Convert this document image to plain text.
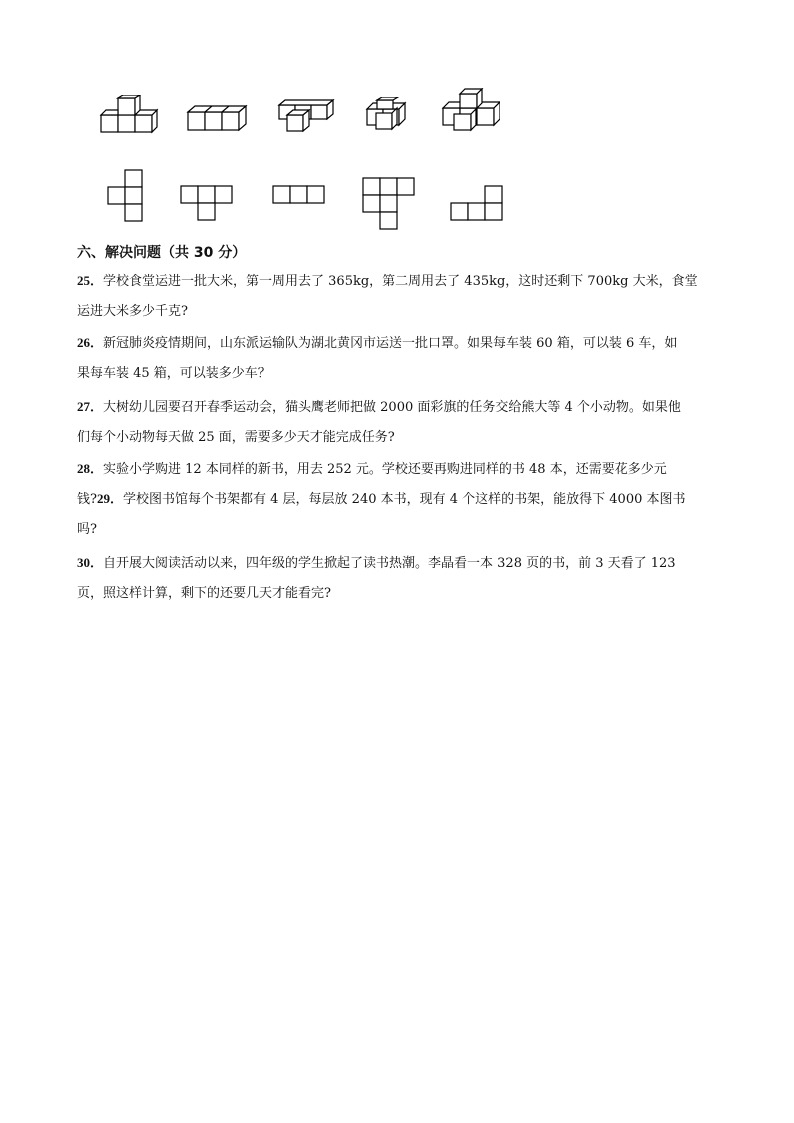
六、解决问题（共 30 分）
25．学校食堂运进一批大米，第一周用去了 365kg，第二周用去了 435kg，这时还剩下 700kg 大米，食堂
运进大米多少千克?
26．新冠肺炎疫情期间，山东派运输队为湖北黄冈市运送一批口罩。如果每车装 60 箱，可以装 6 车，如
果每车装 45 箱，可以装多少车？
27．大树幼儿园要召开春季运动会，猫头鹰老师把做 2000 面彩旗的任务交给熊大等 4 个小动物。如果他
们每个小动物每天做 25 面，需要多少天才能完成任务?
28．实验小学购进 12 本同样的新书，用去 252 元。学校还要再购进同样的书 48 本，还需要花多少元
钱?29．学校图书馆每个书架都有 4 层，每层放 240 本书，现有 4 个这样的书架，能放得下 4000 本图书
吗?
30．自开展大阅读活动以来，四年级的学生掀起了读书热潮。李晶看一本 328 页的书，前 3 天看了 123
页，照这样计算，剩下的还要几天才能看完?
